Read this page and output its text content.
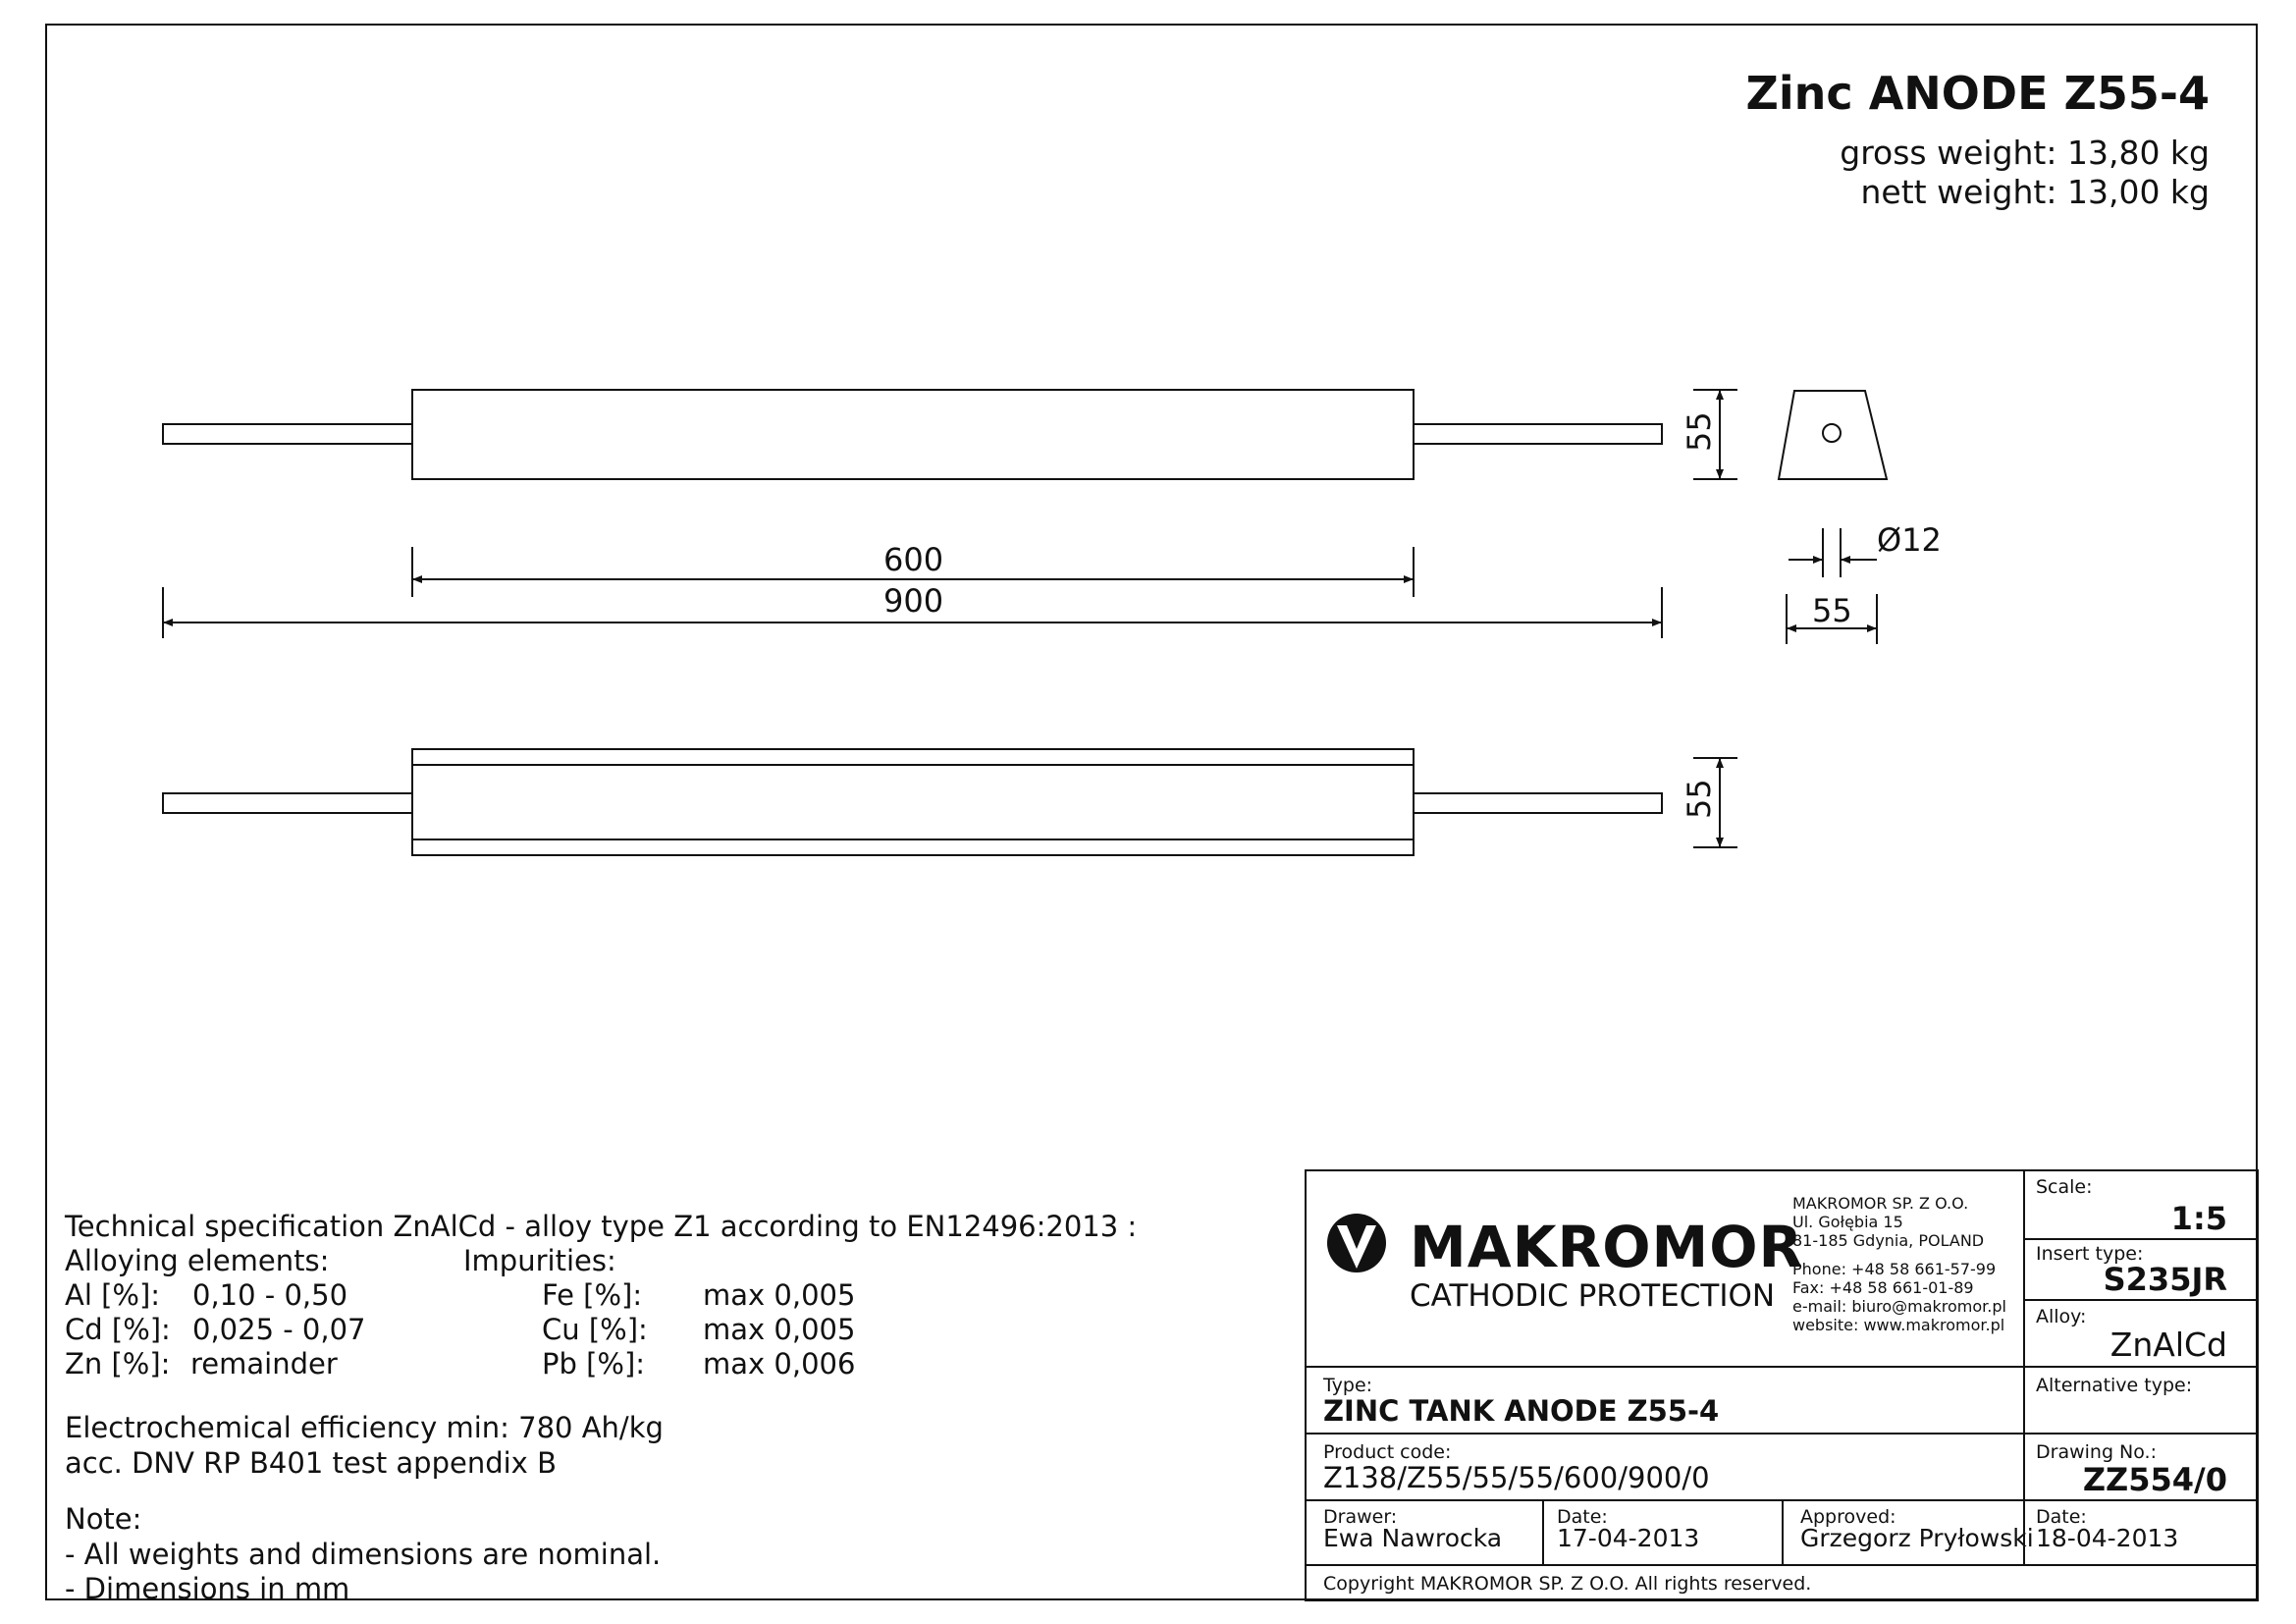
Zinc ANODE Z55-4
gross weight: 13,80 kg
nett weight: 13,00 kg
55
600
900
Ø12
55
55
Technical specification ZnAlCd - alloy type Z1 according to EN12496:2013 :
Alloying elements:	Impurities:
Al [%]: 0,10 - 0,50
Cd [%]: 0,025 - 0,07
Zn [%]: remainder
Fe [%]: max 0,005
Cu [%]: max 0,005
Pb [%]: max 0,006
Electrochemical efficiency min: 780 Ah/kg
acc. DNV RP B401 test appendix B
Note:
- All weights and dimensions are nominal.
- Dimensions in mm
MAKROMOR
CATHODIC PROTECTION
MAKROMOR SP. Z O.O.
Ul. Gołębia 15
81-185 Gdynia, POLAND
Phone: +48 58 661-57-99
Fax: +48 58 661-01-89
e-mail: biuro@makromor.pl
website: www.makromor.pl
Scale:
1:5
Insert type:
S235JR
Alloy:
ZnAlCd
Alternative type:
Drawing No.:
ZZ554/0
Type:
ZINC TANK ANODE Z55-4
Product code:
Z138/Z55/55/55/600/900/0
Drawer:
Ewa Nawrocka
Date:
17-04-2013
Approved:
Grzegorz Pryłowski
Date:
18-04-2013
Copyright MAKROMOR SP. Z O.O. All rights reserved.
